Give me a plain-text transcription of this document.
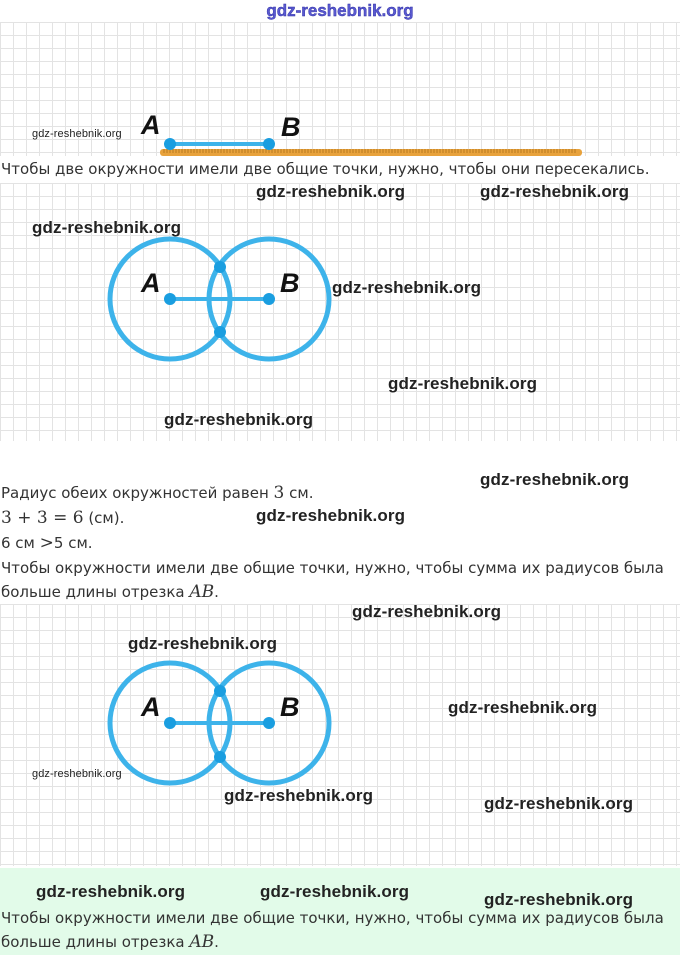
gdz-reshebnik.org
A	B
Чтобы две окружности имели две общие точки, нужно, чтобы они пересекались.
A	B
Радиус обеих окружностей равен 3 см.
3 + 3 = 6 (см).
6 см >5 см.
Чтобы окружности имели две общие точки, нужно, чтобы сумма их радиусов была
больше длины отрезка AB.
A	B
Чтобы окружности имели две общие точки, нужно, чтобы сумма их радиусов была
больше длины отрезка AB.
gdz-reshebnik.org
gdz-reshebnik.org	gdz-reshebnik.org
gdz-reshebnik.org
gdz-reshebnik.org
gdz-reshebnik.org
gdz-reshebnik.org
gdz-reshebnik.org
gdz-reshebnik.org
gdz-reshebnik.org
gdz-reshebnik.org
gdz-reshebnik.org
gdz-reshebnik.org
gdz-reshebnik.org	gdz-reshebnik.org
gdz-reshebnik.org	gdz-reshebnik.org	gdz-reshebnik.org
